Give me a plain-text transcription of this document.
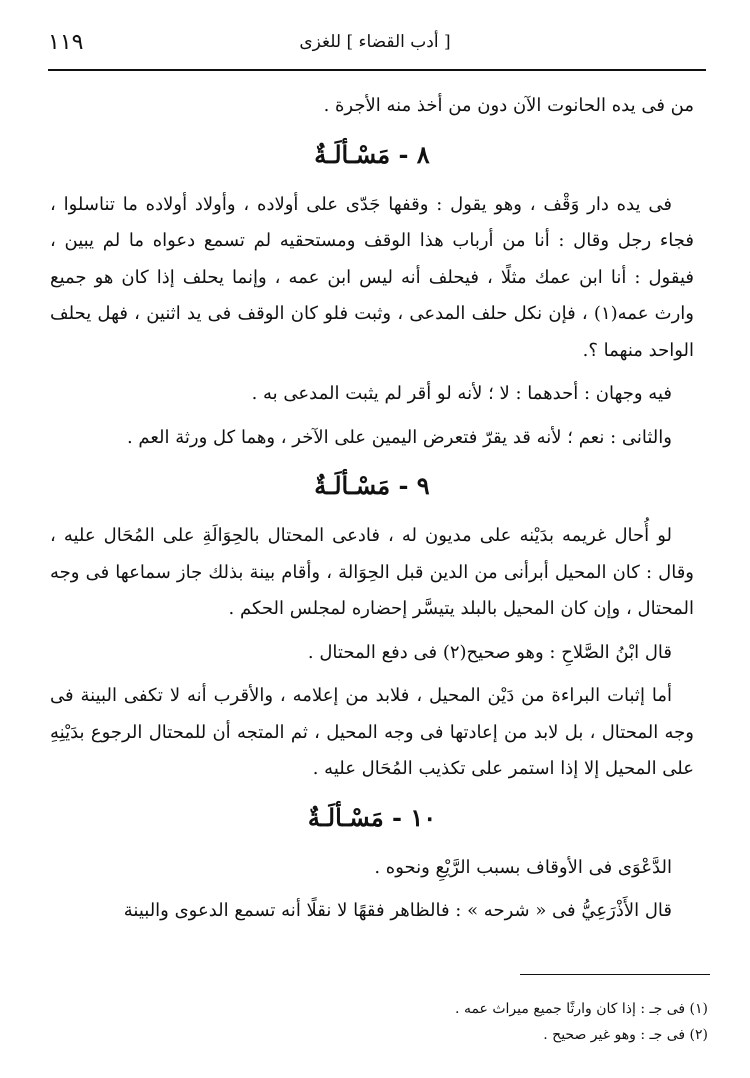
[ أدب القضاء ] للغزى
١١٩

من فى يده الحانوت الآن دون من أخذ منه الأجرة .

٨ - مَسْـألَـةٌ

فى يده دار وَقْف ، وهو يقول : وقفها جَدّى على أولاده ، وأولاد أولاده ما تناسلوا ، فجاء رجل وقال : أنا من أرباب هذا الوقف ومستحقيه لم تسمع دعواه ما لم يبين ، فيقول : أنا ابن عمك مثلًا ، فيحلف أنه ليس ابن عمه ، وإنما يحلف إذا كان هو جميع وارث عمه(١) ، فإن نكل حلف المدعى ، وثبت فلو كان الوقف فى يد اثنين ، فهل يحلف الواحد منهما ؟.

فيه وجهان : أحدهما : لا ؛ لأنه لو أقر لم يثبت المدعى به .

والثانى : نعم ؛ لأنه قد يقرّ فتعرض اليمين على الآخر ، وهما كل ورثة العم .

٩ - مَسْـألَـةٌ

لو أُحال غريمه بدَيْنه على مديون له ، فادعى المحتال بالحِوَالَةِ على المُحَال عليه ، وقال : كان المحيل أبرأنى من الدين قبل الحِوَالة ، وأقام بينة بذلك جاز سماعها فى وجه المحتال ، وإن كان المحيل بالبلد يتيسَّر إحضاره لمجلس الحكم .

قال ابْنُ الصَّلاحِ : وهو صحيح(٢) فى دفع المحتال .

أما إثبات البراءة من دَيْن المحيل ، فلابد من إعلامه ، والأقرب أنه لا تكفى البينة فى وجه المحتال ، بل لابد من إعادتها فى وجه المحيل ، ثم المتجه أن للمحتال الرجوع بدَيْنِهِ على المحيل إلا إذا استمر على تكذيب المُحَال عليه .

١٠ - مَسْـألَـةٌ

الدَّعْوَى فى الأوقاف بسبب الرَّيْعِ ونحوه .

قال الأَذْرَعِيُّ فى « شرحه » : فالظاهر فقهًا لا نقلًا أنه تسمع الدعوى والبينة

(١) فى جـ : إذا كان وارثًا جميع ميراث عمه .

(٢) فى جـ : وهو غير صحيح .
